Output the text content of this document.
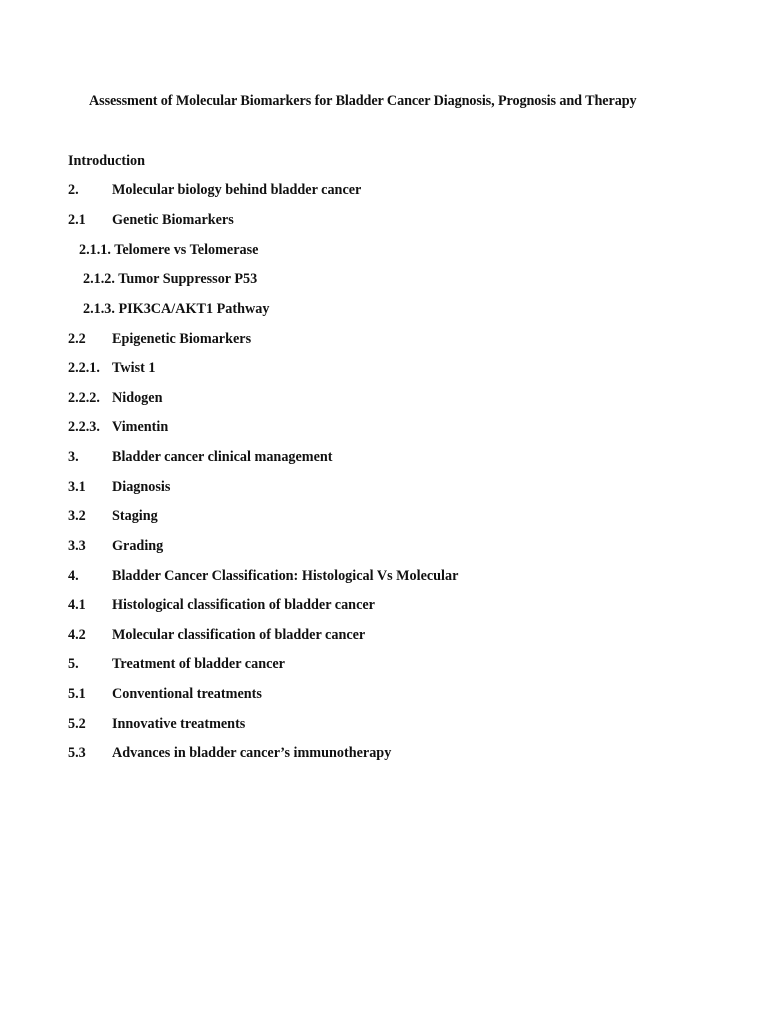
Assessment of Molecular Biomarkers for Bladder Cancer Diagnosis, Prognosis and Therapy
Introduction
2. Molecular biology behind bladder cancer
2.1 Genetic Biomarkers
2.1.1. Telomere vs Telomerase
2.1.2. Tumor Suppressor P53
2.1.3. PIK3CA/AKT1 Pathway
2.2 Epigenetic Biomarkers
2.2.1. Twist 1
2.2.2. Nidogen
2.2.3. Vimentin
3. Bladder cancer clinical management
3.1 Diagnosis
3.2 Staging
3.3 Grading
4. Bladder Cancer Classification: Histological Vs Molecular
4.1 Histological classification of bladder cancer
4.2 Molecular classification of bladder cancer
5. Treatment of bladder cancer
5.1 Conventional treatments
5.2 Innovative treatments
5.3 Advances in bladder cancer’s immunotherapy
